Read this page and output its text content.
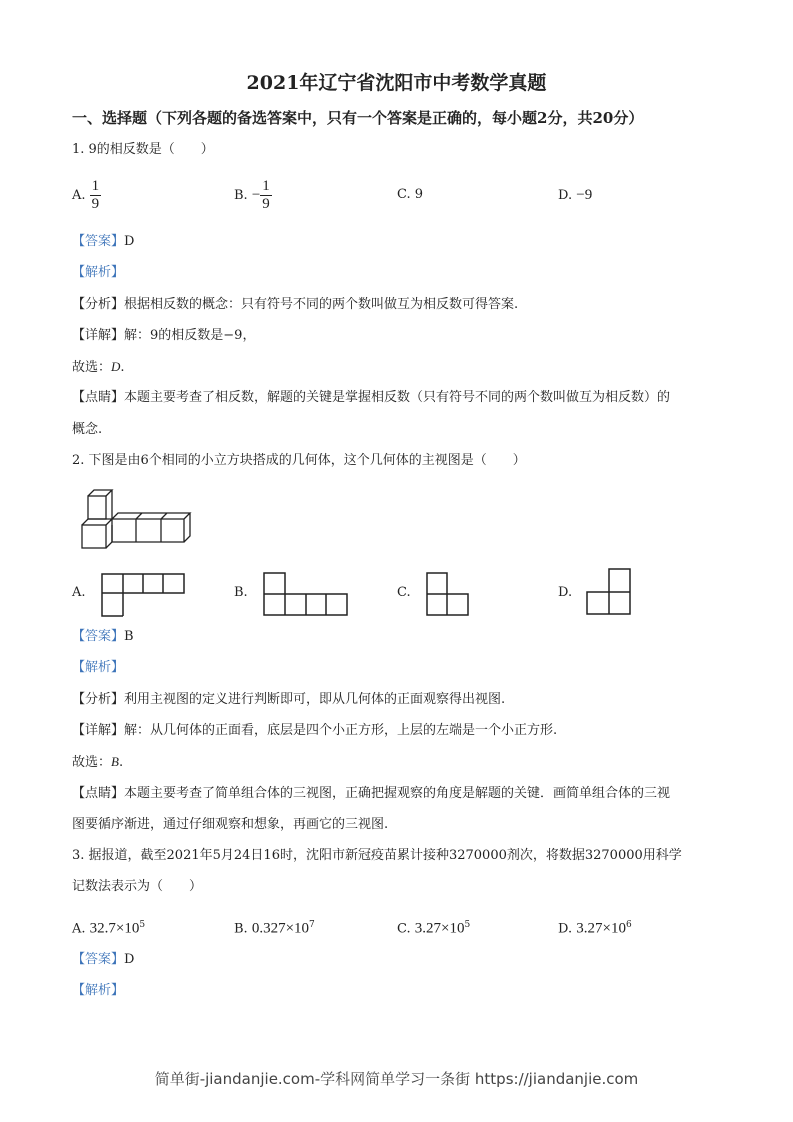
2021年辽宁省沈阳市中考数学真题
一、选择题（下列各题的备选答案中，只有一个答案是正确的，每小题2分，共20分）
1. 9的相反数是（　　）
A. $\frac{1}{9}$	B. − $\frac{1}{9}$	C. 9	D. −9
【答案】D
【解析】
【分析】根据相反数的概念：只有符号不同的两个数叫做互为相反数可得答案.
【详解】解：9的相反数是−9，
故选：D.
【点睛】本题主要考查了相反数，解题的关键是掌握相反数（只有符号不同的两个数叫做互为相反数）的
概念.
2. 下图是由6个相同的小立方块搭成的几何体，这个几何体的主视图是（　　）
A.	B.	C.	D.
【答案】B
【解析】
【分析】利用主视图的定义进行判断即可，即从几何体的正面观察得出视图.
【详解】解：从几何体的正面看，底层是四个小正方形，上层的左端是一个小正方形.
故选：B.
【点睛】本题主要考查了简单组合体的三视图，正确把握观察的角度是解题的关键．画简单组合体的三视
图要循序渐进，通过仔细观察和想象，再画它的三视图.
3. 据报道，截至2021年5月24日16时，沈阳市新冠疫苗累计接种3270000剂次，将数据3270000用科学
记数法表示为（　　）
A. $32.7\times 10^5$	B. $0.327\times 10^7$	C. $3.27\times 10^5$	D. $3.27\times 10^6$
【答案】D
【解析】
简单街-jiandanjie.com-学科网简单学习一条街 https://jiandanjie.com
